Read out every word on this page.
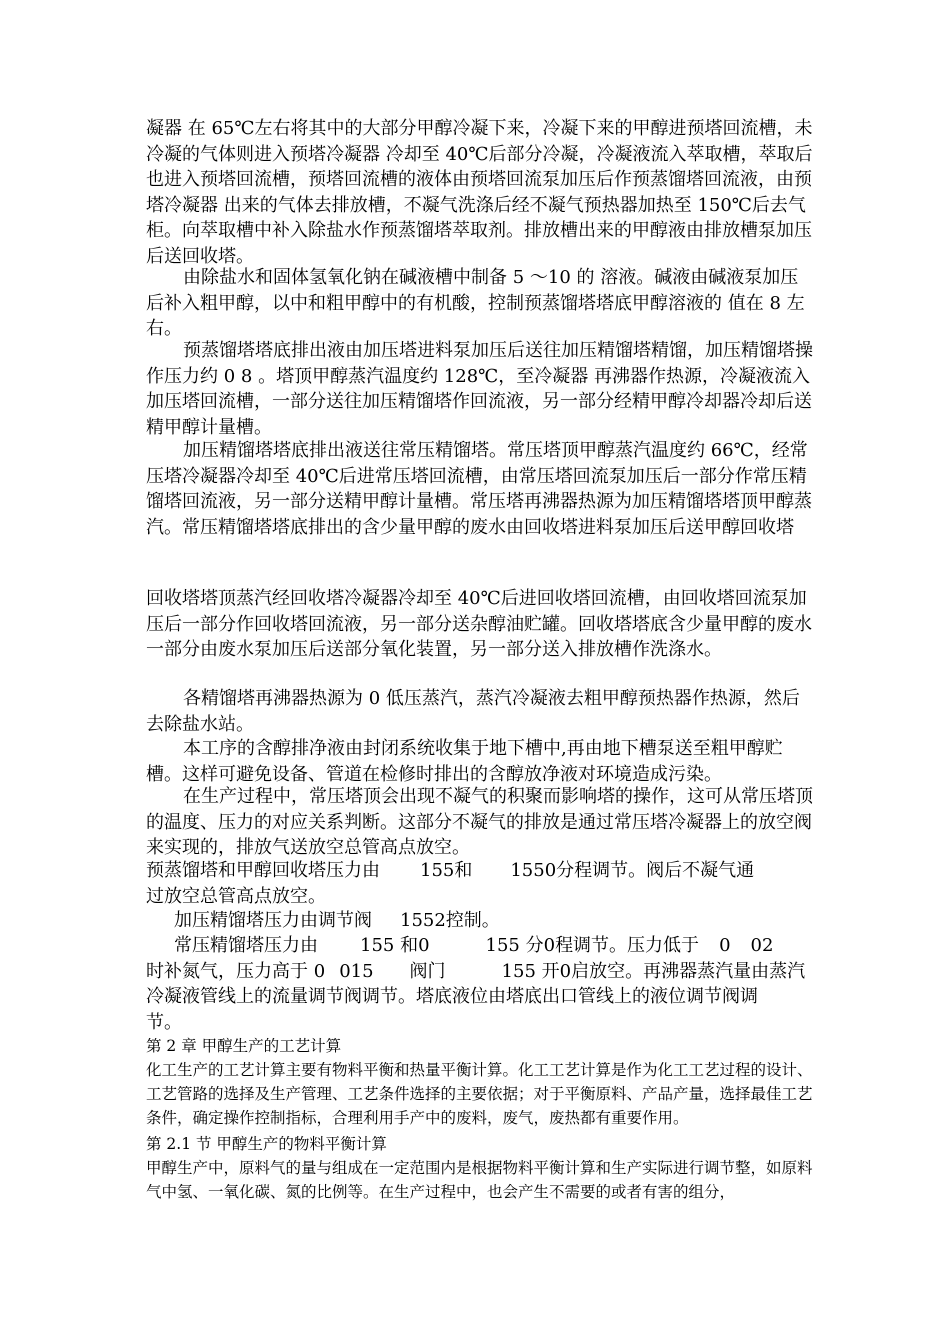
凝器 在 65℃左右将其中的大部分甲醇冷凝下来，冷凝下来的甲醇进预塔回流槽，未冷凝的气体则进入预塔冷凝器 冷却至 40℃后部分冷凝，冷凝液流入萃取槽，萃取后也进入预塔回流槽，预塔回流槽的液体由预塔回流泵加压后作预蒸馏塔回流液，由预塔冷凝器 出来的气体去排放槽，不凝气洗涤后经不凝气预热器加热至 150℃后去气柜。向萃取槽中补入除盐水作预蒸馏塔萃取剂。排放槽出来的甲醇液由排放槽泵加压后送回收塔。

由除盐水和固体氢氧化钠在碱液槽中制备 5 ～10 的 溶液。碱液由碱液泵加压后补入粗甲醇，以中和粗甲醇中的有机酸，控制预蒸馏塔塔底甲醇溶液的 值在 8 左右。

预蒸馏塔塔底排出液由加压塔进料泵加压后送往加压精馏塔精馏，加压精馏塔操作压力约 0 8 。塔顶甲醇蒸汽温度约 128℃，至冷凝器 再沸器作热源，冷凝液流入加压塔回流槽，一部分送往加压精馏塔作回流液，另一部分经精甲醇冷却器冷却后送精甲醇计量槽。

加压精馏塔塔底排出液送往常压精馏塔。常压塔顶甲醇蒸汽温度约 66℃，经常压塔冷凝器冷却至 40℃后进常压塔回流槽，由常压塔回流泵加压后一部分作常压精馏塔回流液，另一部分送精甲醇计量槽。常压塔再沸器热源为加压精馏塔塔顶甲醇蒸汽。常压精馏塔塔底排出的含少量甲醇的废水由回收塔进料泵加压后送甲醇回收塔

回收塔塔顶蒸汽经回收塔冷凝器冷却至 40℃后进回收塔回流槽，由回收塔回流泵加压后一部分作回收塔回流液，另一部分送杂醇油贮罐。回收塔塔底含少量甲醇的废水一部分由废水泵加压后送部分氧化装置，另一部分送入排放槽作洗涤水。

各精馏塔再沸器热源为 0 低压蒸汽，蒸汽冷凝液去粗甲醇预热器作热源，然后去除盐水站。

本工序的含醇排净液由封闭系统收集于地下槽中,再由地下槽泵送至粗甲醇贮槽。这样可避免设备、管道在检修时排出的含醇放净液对环境造成污染。

在生产过程中，常压塔顶会出现不凝气的积聚而影响塔的操作，这可从常压塔顶的温度、压力的对应关系判断。这部分不凝气的排放是通过常压塔冷凝器上的放空阀来实现的，排放气送放空总管高点放空。

预蒸馏塔和甲醇回收塔压力由 155和 1550分程调节。阀后不凝气通
过放空总管高点放空。
加压精馏塔压力由调节阀 1552控制。
常压精馏塔压力由 155 和0	155 分0程调节。压力低于 0 02
时补氮气，压力高于 0 015 阀门	155 开0启放空。再沸器蒸汽量由蒸汽
冷凝液管线上的流量调节阀调节。塔底液位由塔底出口管线上的液位调节阀调
节。
第 2 章 甲醇生产的工艺计算

化工生产的工艺计算主要有物料平衡和热量平衡计算。化工工艺计算是作为化工工艺过程的设计、工艺管路的选择及生产管理、工艺条件选择的主要依据；对于平衡原料、产品产量，选择最佳工艺条件，确定操作控制指标，合理利用手产中的废料，废气，废热都有重要作用。

第 2.1 节 甲醇生产的物料平衡计算

甲醇生产中，原料气的量与组成在一定范围内是根据物料平衡计算和生产实际进行调节整，如原料气中氢、一氧化碳、氮的比例等。在生产过程中，也会产生不需要的或者有害的组分，
